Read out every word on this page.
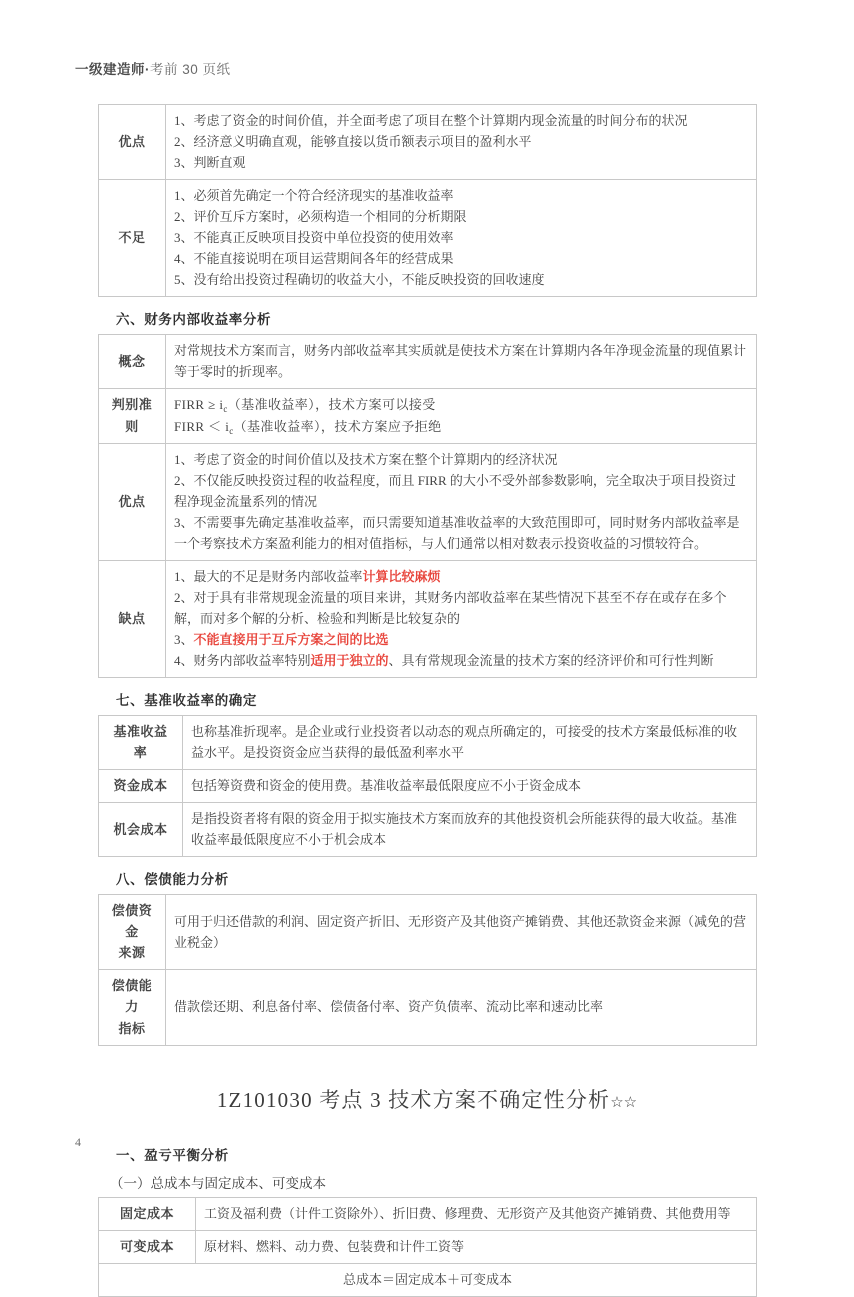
一级建造师·考前 30 页纸
优点	1、考虑了资金的时间价值，并全面考虑了项目在整个计算期内现金流量的时间分布的状况

2、经济意义明确直观，能够直接以货币额表示项目的盈利水平

3、判断直观

不足	1、必须首先确定一个符合经济现实的基准收益率

2、评价互斥方案时，必须构造一个相同的分析期限

3、不能真正反映项目投资中单位投资的使用效率

4、不能直接说明在项目运营期间各年的经营成果

5、没有给出投资过程确切的收益大小，不能反映投资的回收速度

六、财务内部收益率分析
概念	对常规技术方案而言，财务内部收益率其实质就是使技术方案在计算期内各年净现金流量的现值累计等于零时的折现率。
判别准则	FIRR ≥ $i_c$（基准收益率），技术方案可以接受

FIRR ＜ $i_c$（基准收益率），技术方案应予拒绝

优点	1、考虑了资金的时间价值以及技术方案在整个计算期内的经济状况

2、不仅能反映投资过程的收益程度，而且 FIRR 的大小不受外部参数影响，完全取决于项目投资过程净现金流量系列的情况

3、不需要事先确定基准收益率，而只需要知道基准收益率的大致范围即可，同时财务内部收益率是一个考察技术方案盈利能力的相对值指标，与人们通常以相对数表示投资收益的习惯较符合。

缺点	1、最大的不足是财务内部收益率计算比较麻烦

2、对于具有非常规现金流量的项目来讲，其财务内部收益率在某些情况下甚至不存在或存在多个解，而对多个解的分析、检验和判断是比较复杂的

3、不能直接用于互斥方案之间的比选

4、财务内部收益率特别适用于独立的、具有常规现金流量的技术方案的经济评价和可行性判断

七、基准收益率的确定
基准收益率	也称基准折现率。是企业或行业投资者以动态的观点所确定的，可接受的技术方案最低标准的收益水平。是投资资金应当获得的最低盈利率水平
资金成本	包括筹资费和资金的使用费。基准收益率最低限度应不小于资金成本
机会成本	是指投资者将有限的资金用于拟实施技术方案而放弃的其他投资机会所能获得的最大收益。基准收益率最低限度应不小于机会成本
八、偿债能力分析
偿债资金
来源	可用于归还借款的利润、固定资产折旧、无形资产及其他资产摊销费、其他还款资金来源（减免的营业税金）

偿债能力
指标	借款偿还期、利息备付率、偿债备付率、资产负债率、流动比率和速动比率
1Z101030 考点 3 技术方案不确定性分析☆☆
一、盈亏平衡分析
（一）总成本与固定成本、可变成本
固定成本	工资及福利费（计件工资除外）、折旧费、修理费、无形资产及其他资产摊销费、其他费用等
可变成本	原材料、燃料、动力费、包装费和计件工资等
总成本＝固定成本＋可变成本	
4
